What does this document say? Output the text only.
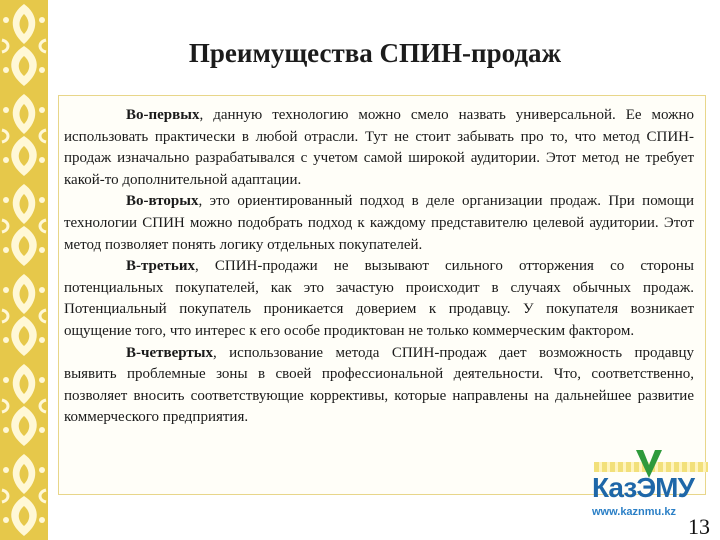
Преимущества СПИН-продаж

Во-первых, данную технологию можно смело назвать универсальной. Ее можно использовать практически в любой отрасли. Тут не стоит забывать про то, что метод СПИН-продаж изначально разрабатывался с учетом самой широкой аудитории. Этот метод не требует какой-то дополнительной адаптации.

Во-вторых, это ориентированный подход в деле организации продаж. При помощи технологии СПИН можно подобрать подход к каждому представителю целевой аудитории. Этот метод позволяет понять логику отдельных покупателей.

В-третьих, СПИН-продажи не вызывают сильного отторжения со стороны потенциальных покупателей, как это зачастую происходит в случаях обычных продаж. Потенциальный покупатель проникается доверием к продавцу. У покупателя возникает ощущение того, что интерес к его особе продиктован не только коммерческим фактором.

В-четвертых, использование метода СПИН-продаж дает возможность продавцу выявить проблемные зоны в своей профессиональной деятельности. Что, соответственно, позволяет вносить соответствующие коррективы, которые направлены на дальнейшее развитие коммерческого предприятия.

КазЭМУ
www.kaznmu.kz
13
